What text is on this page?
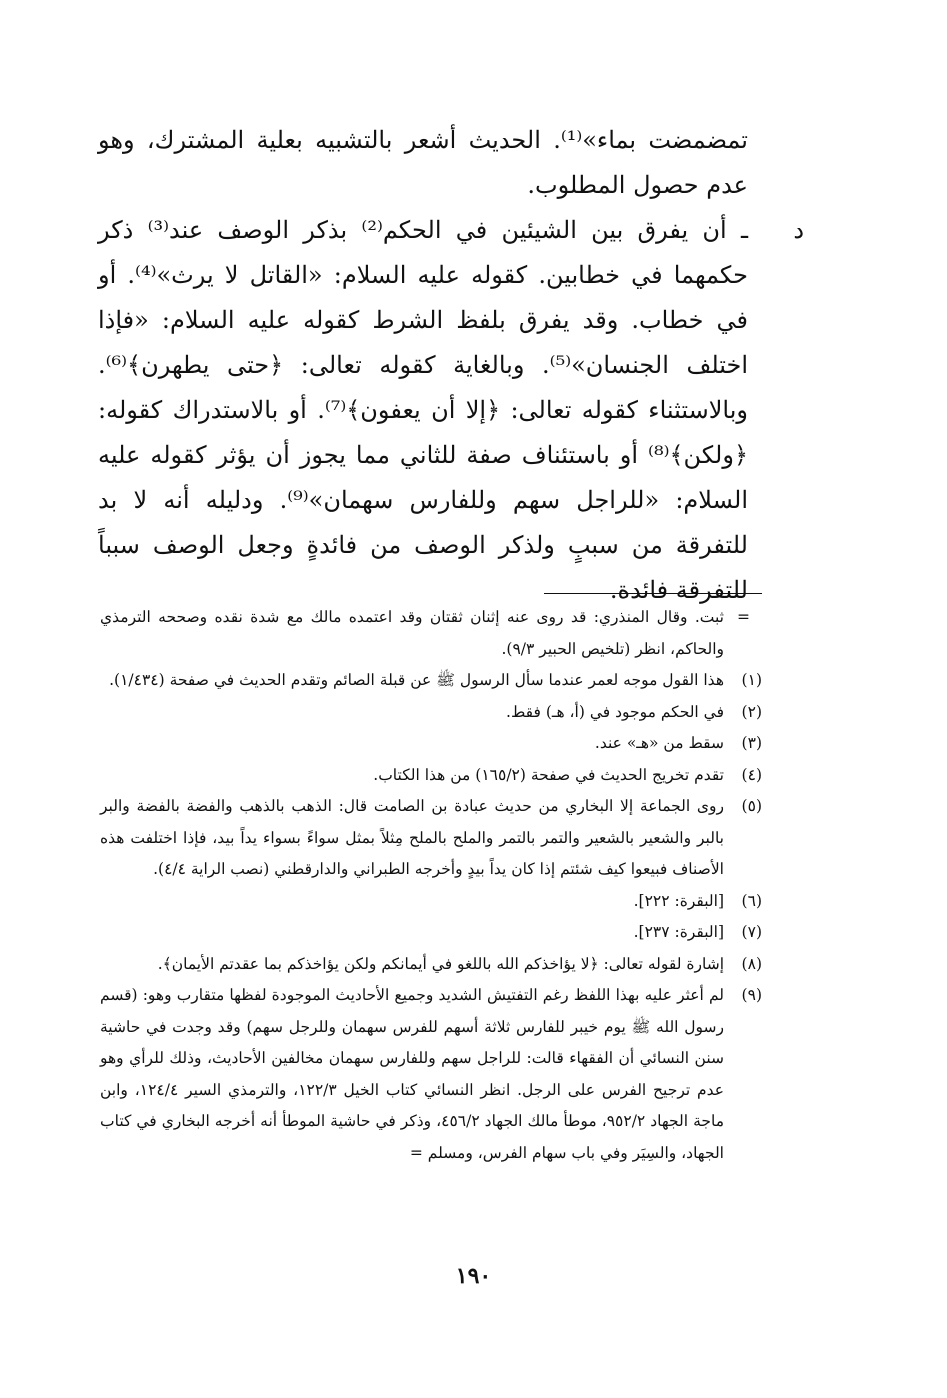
تمضمضت بماء»⁽¹⁾. الحديث أشعر بالتشبيه بعلية المشترك، وهو عدم حصول المطلوب.

د

ـ أن يفرق بين الشيئين في الحكم⁽²⁾ بذكر الوصف عند⁽³⁾ ذكر حكمهما في خطابين. كقوله عليه السلام: «القاتل لا يرث»⁽⁴⁾. أو في خطاب. وقد يفرق بلفظ الشرط كقوله عليه السلام: «فإذا اختلف الجنسان»⁽⁵⁾. وبالغاية كقوله تعالى: ﴿حتى يطهرن﴾⁽⁶⁾. وبالاستثناء كقوله تعالى: ﴿إلا أن يعفون﴾⁽⁷⁾. أو بالاستدراك كقوله: ﴿ولكن﴾⁽⁸⁾ أو باستئناف صفة للثاني مما يجوز أن يؤثر كقوله عليه السلام: «للراجل سهم وللفارس سهمان»⁽⁹⁾. ودليله أنه لا بد للتفرقة من سببٍ ولذكر الوصف من فائدةٍ وجعل الوصف سبباً للتفرقة فائدة.

=
ثبت. وقال المنذري: قد روى عنه إثنان ثقتان وقد اعتمده مالك مع شدة نقده وصححه الترمذي والحاكم، انظر (تلخيص الحبير ٩/٣).
(١)
هذا القول موجه لعمر عندما سأل الرسول ﷺ عن قبلة الصائم وتقدم الحديث في صفحة (١/٤٣٤).
(٢)
في الحكم موجود في (أ، هـ) فقط.
(٣)
سقط من «هـ» عند.
(٤)
تقدم تخريج الحديث في صفحة (١٦٥/٢) من هذا الكتاب.
(٥)
روى الجماعة إلا البخاري من حديث عبادة بن الصامت قال: الذهب بالذهب والفضة بالفضة والبر بالبر والشعير بالشعير والتمر بالتمر والملح بالملح مِثلاً بمثل سواءً بسواء يداً بيد، فإذا اختلفت هذه الأصناف فبيعوا كيف شئتم إذا كان يداً بيدٍ وأخرجه الطبراني والدارقطني (نصب الراية ٤/٤).
(٦)
[البقرة: ٢٢٢].
(٧)
[البقرة: ٢٣٧].
(٨)
إشارة لقوله تعالى: ﴿لا يؤاخذكم الله باللغو في أيمانكم ولكن يؤاخذكم بما عقدتم الأيمان﴾.
(٩)
لم أعثر عليه بهذا اللفظ رغم التفتيش الشديد وجميع الأحاديث الموجودة لفظها متقارب وهو: (قسم رسول الله ﷺ يوم خيبر للفارس ثلاثة أسهم للفرس سهمان وللرجل سهم) وقد وجدت في حاشية سنن النسائي أن الفقهاء قالت: للراجل سهم وللفارس سهمان مخالفين الأحاديث، وذلك للرأي وهو عدم ترجيح الفرس على الرجل. انظر النسائي كتاب الخيل ١٢٢/٣، والترمذي السير ١٢٤/٤، وابن ماجة الجهاد ٩٥٢/٢، موطأ مالك الجهاد ٤٥٦/٢، وذكر في حاشية الموطأ أنه أخرجه البخاري في كتاب الجهاد، والسِيَر وفي باب سهام الفرس، ومسلم =
١٩٠
